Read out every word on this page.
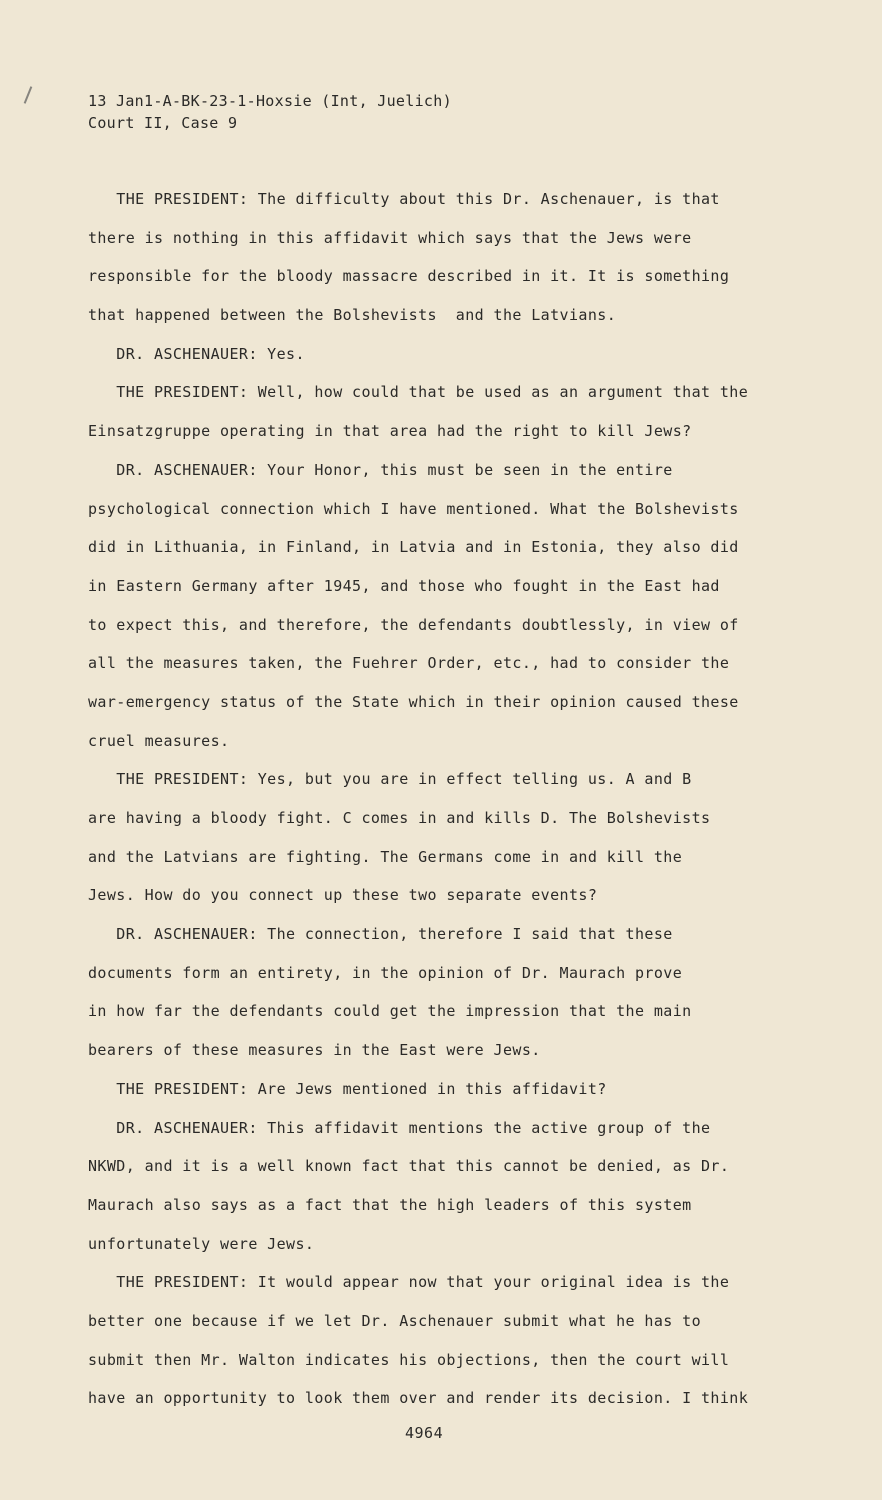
13 Jan1-A-BK-23-1-Hoxsie (Int, Juelich)
Court II, Case 9
THE PRESIDENT: The difficulty about this Dr. Aschenauer, is that
there is nothing in this affidavit which says that the Jews were
responsible for the bloody massacre described in it. It is something
that happened between the Bolshevists  and the Latvians.
DR. ASCHENAUER: Yes.
THE PRESIDENT: Well, how could that be used as an argument that the
Einsatzgruppe operating in that area had the right to kill Jews?
DR. ASCHENAUER: Your Honor, this must be seen in the entire
psychological connection which I have mentioned. What the Bolshevists
did in Lithuania, in Finland, in Latvia and in Estonia, they also did
in Eastern Germany after 1945, and those who fought in the East had
to expect this, and therefore, the defendants doubtlessly, in view of
all the measures taken, the Fuehrer Order, etc., had to consider the
war-emergency status of the State which in their opinion caused these
cruel measures.
THE PRESIDENT: Yes, but you are in effect telling us. A and B
are having a bloody fight. C comes in and kills D. The Bolshevists
and the Latvians are fighting. The Germans come in and kill the
Jews. How do you connect up these two separate events?
DR. ASCHENAUER: The connection, therefore I said that these
documents form an entirety, in the opinion of Dr. Maurach prove
in how far the defendants could get the impression that the main
bearers of these measures in the East were Jews.
THE PRESIDENT: Are Jews mentioned in this affidavit?
DR. ASCHENAUER: This affidavit mentions the active group of the
NKWD, and it is a well known fact that this cannot be denied, as Dr.
Maurach also says as a fact that the high leaders of this system
unfortunately were Jews.
THE PRESIDENT: It would appear now that your original idea is the
better one because if we let Dr. Aschenauer submit what he has to
submit then Mr. Walton indicates his objections, then the court will
have an opportunity to look them over and render its decision. I think
4964
